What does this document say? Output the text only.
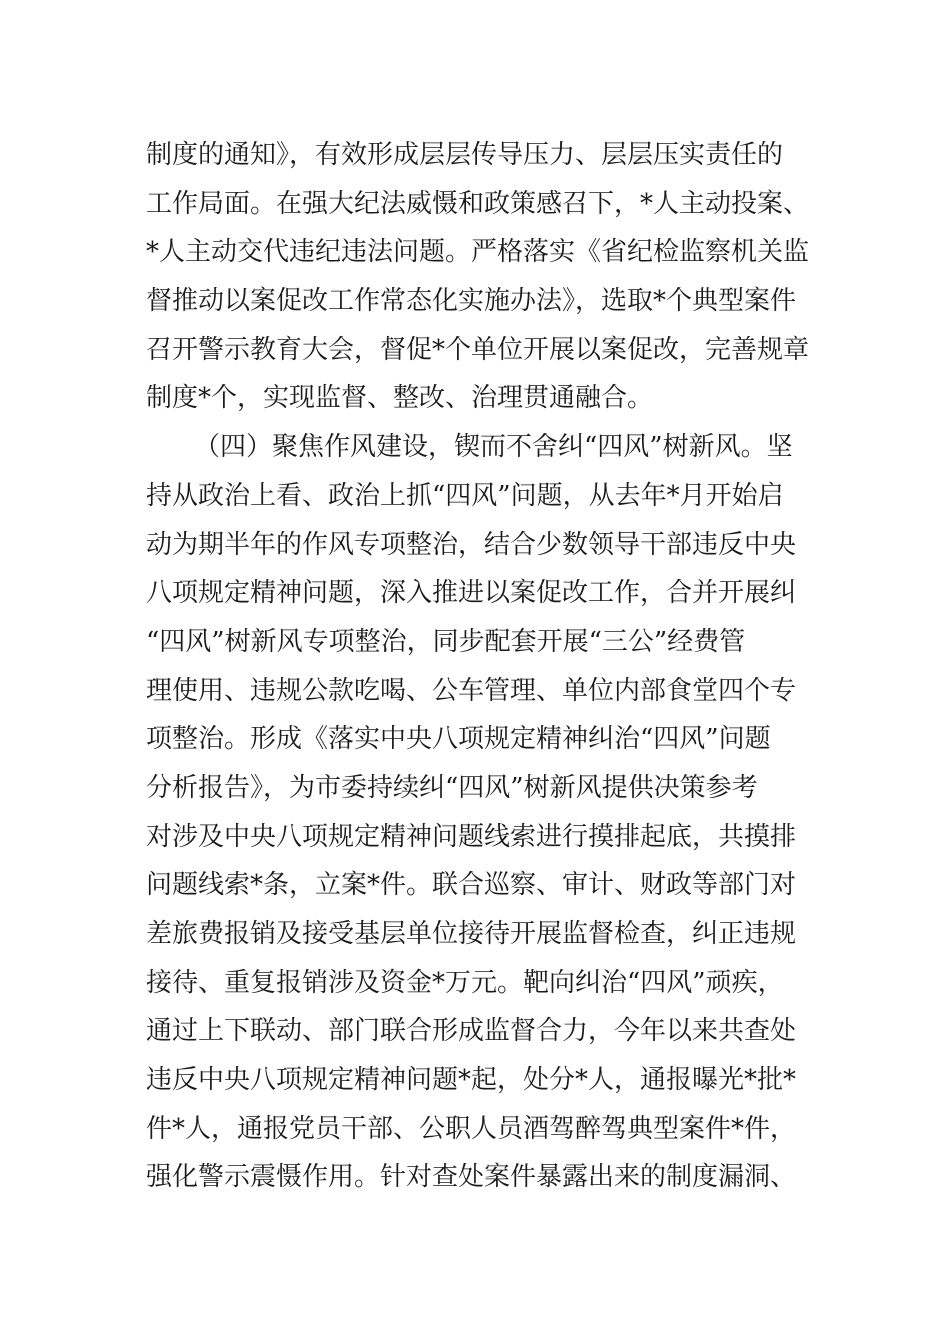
制度的通知》，有效形成层层传导压力、层层压实责任的
工作局面。在强大纪法威慑和政策感召下，*人主动投案、
*人主动交代违纪违法问题。严格落实《省纪检监察机关监
督推动以案促改工作常态化实施办法》，选取*个典型案件
召开警示教育大会，督促*个单位开展以案促改，完善规章
制度*个，实现监督、整改、治理贯通融合。
（四）聚焦作风建设，锲而不舍纠“四风”树新风。坚
持从政治上看、政治上抓“四风”问题，从去年*月开始启
动为期半年的作风专项整治，结合少数领导干部违反中央
八项规定精神问题，深入推进以案促改工作，合并开展纠
“四风”树新风专项整治，同步配套开展“三公”经费管
理使用、违规公款吃喝、公车管理、单位内部食堂四个专
项整治。形成《落实中央八项规定精神纠治“四风”问题
分析报告》，为市委持续纠“四风”树新风提供决策参考
对涉及中央八项规定精神问题线索进行摸排起底，共摸排
问题线索*条，立案*件。联合巡察、审计、财政等部门对
差旅费报销及接受基层单位接待开展监督检查，纠正违规
接待、重复报销涉及资金*万元。靶向纠治“四风”顽疾，
通过上下联动、部门联合形成监督合力，今年以来共查处
违反中央八项规定精神问题*起，处分*人，通报曝光*批*
件*人，通报党员干部、公职人员酒驾醉驾典型案件*件，
强化警示震慑作用。针对查处案件暴露出来的制度漏洞、
